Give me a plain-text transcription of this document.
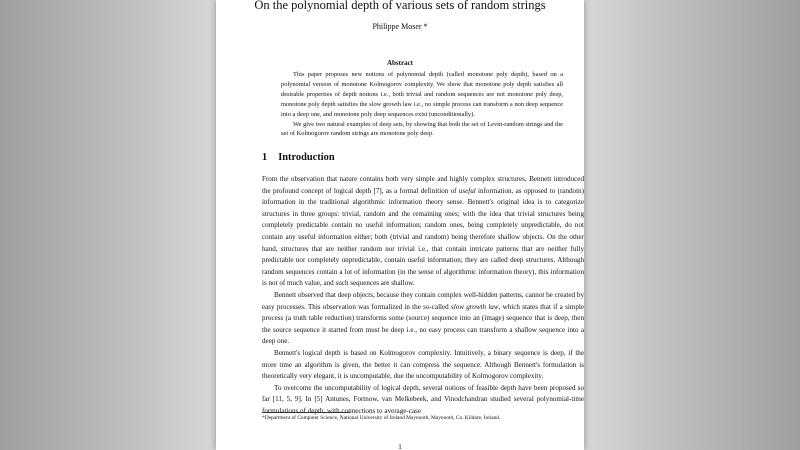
On the polynomial depth of various sets of random strings
Philippe Moser *
Abstract

This paper proposes new notions of polynomial depth (called monotone poly depth), based on a polynomial version of monotone Kolmogorov complexity. We show that monotone poly depth satisfies all desirable properties of depth notions i.e., both trivial and random sequences are not monotone poly deep, monotone poly depth satisfies the slow growth law i.e., no simple process can transform a non deep sequence into a deep one, and monotone poly deep sequences exist (unconditionally).

We give two natural examples of deep sets, by showing that both the set of Levin-random strings and the set of Kolmogorov random strings are monotone poly deep.

1 Introduction

From the observation that nature contains both very simple and highly complex structures, Bennett introduced the profound concept of logical depth [7], as a formal definition of useful information, as opposed to (random) information in the traditional algorithmic information theory sense. Bennett's original idea is to categorize structures in three groups: trivial, random and the remaining ones; with the idea that trivial structures being completely predictable contain no useful information; random ones, being completely unpredictable, do not contain any useful information either; both (trivial and random) being therefore shallow objects. On the other hand, structures that are neither random nor trivial i.e., that contain intricate patterns that are neither fully predictable nor completely unpredictable, contain useful information; they are called deep structures. Although random sequences contain a lot of information (in the sense of algorithmic information theory), this information is not of much value, and such sequences are shallow.

Bennett observed that deep objects, because they contain complex well-hidden patterns, cannot be created by easy processes. This observation was formalized in the so-called slow growth law, which states that if a simple process (a truth table reduction) transforms some (source) sequence into an (image) sequence that is deep, then the source sequence it started from must be deep i.e., no easy process can transform a shallow sequence into a deep one.

Bennett's logical depth is based on Kolmogorov complexity. Intuitively, a binary sequence is deep, if the more time an algorithm is given, the better it can compress the sequence. Although Bennett's formulation is theoretically very elegant, it is uncomputable, due the uncomputability of Kolmogorov complexity.

To overcome the uncomputability of logical depth, several notions of feasible depth have been proposed so far [11, 5, 9]. In [5] Antunes, Fortnow, van Melkebeek, and Vinodchandran studied several polynomial-time formulations of depth, with connections to average-case

*Department of Computer Science, National University of Ireland Maynooth, Maynooth, Co. Kildare, Ireland.
1
